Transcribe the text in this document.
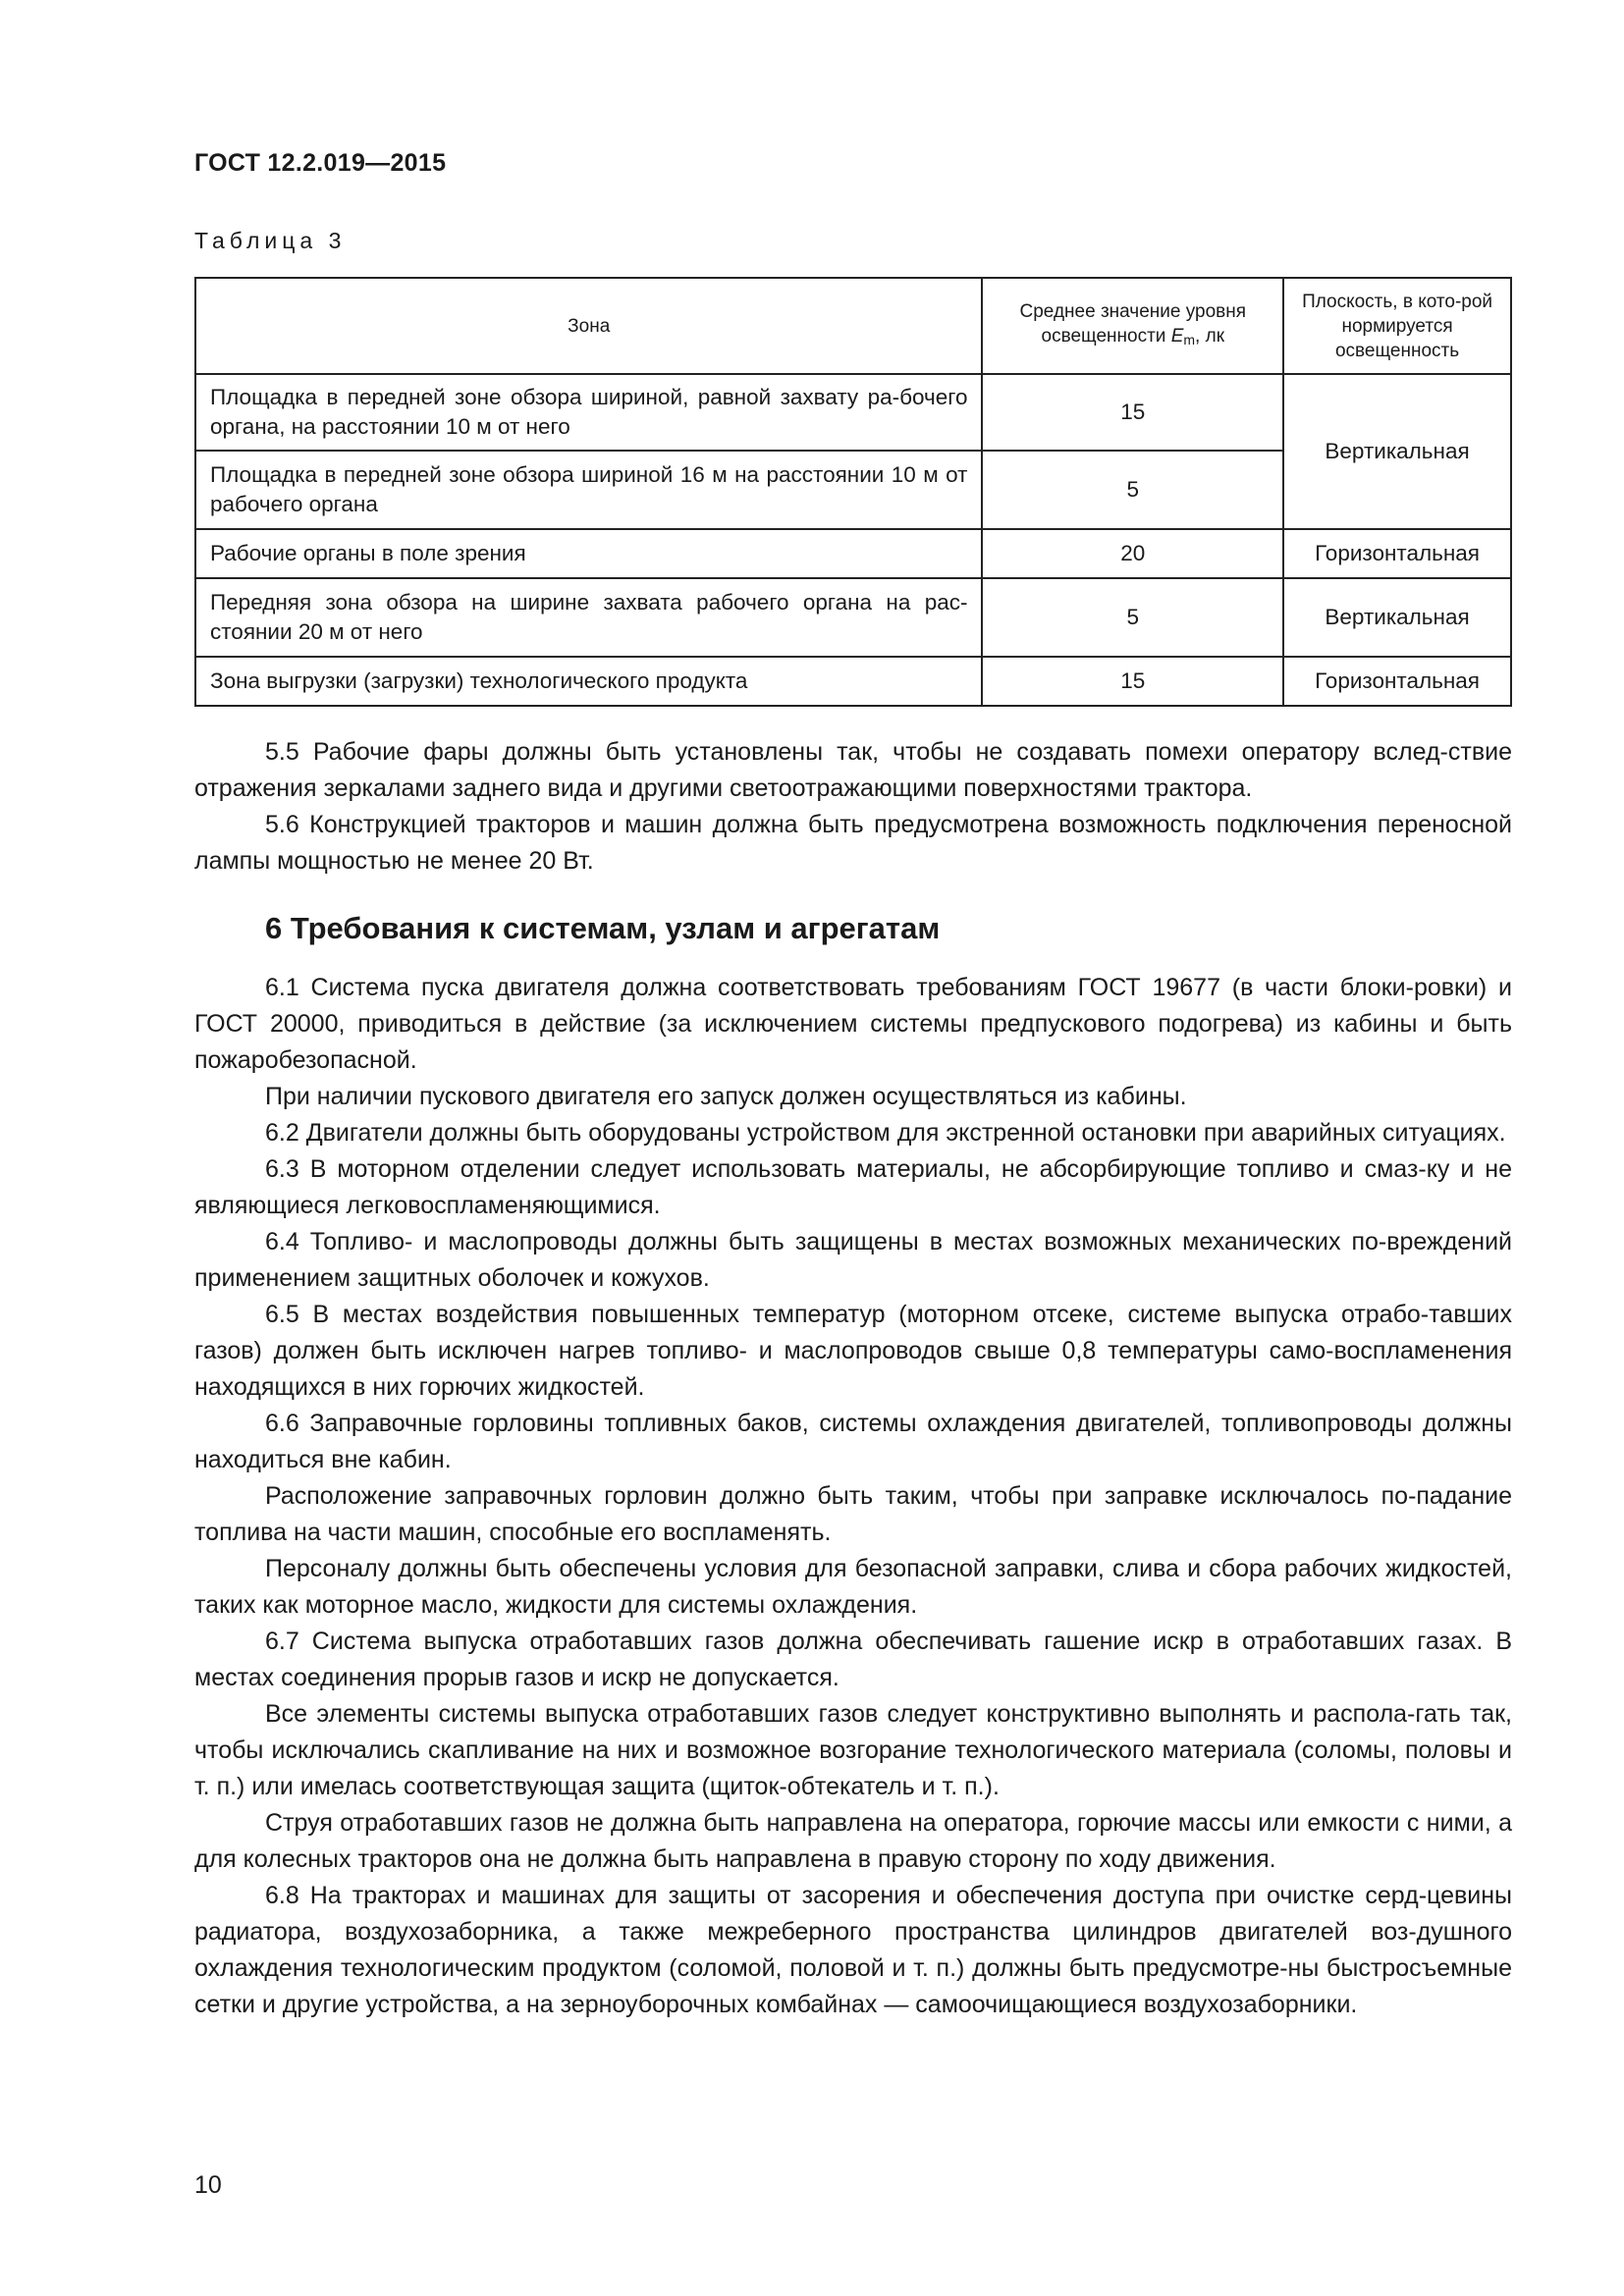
ГОСТ 12.2.019—2015
Таблица 3
Зона	Среднее значение уровня освещенности $E_m$, лк	Плоскость, в кото-рой нормируется освещенность
Площадка в передней зоне обзора шириной, равной захвату ра-бочего органа, на расстоянии 10 м от него	15	Вертикальная
Площадка в передней зоне обзора шириной 16 м на расстоянии 10 м от рабочего органа	5	
Рабочие органы в поле зрения	20	Горизонтальная
Передняя зона обзора на ширине захвата рабочего органа на рас-стоянии 20 м от него	5	Вертикальная
Зона выгрузки (загрузки) технологического продукта	15	Горизонтальная

5.5 Рабочие фары должны быть установлены так, чтобы не создавать помехи оператору вслед-ствие отражения зеркалами заднего вида и другими светоотражающими поверхностями трактора.

5.6 Конструкцией тракторов и машин должна быть предусмотрена возможность подключения переносной лампы мощностью не менее 20 Вт.

6 Требования к системам, узлам и агрегатам

6.1 Система пуска двигателя должна соответствовать требованиям ГОСТ 19677 (в части блоки-ровки) и ГОСТ 20000, приводиться в действие (за исключением системы предпускового подогрева) из кабины и быть пожаробезопасной.

При наличии пускового двигателя его запуск должен осуществляться из кабины.

6.2 Двигатели должны быть оборудованы устройством для экстренной остановки при аварийных ситуациях.

6.3 В моторном отделении следует использовать материалы, не абсорбирующие топливо и смаз-ку и не являющиеся легковоспламеняющимися.

6.4 Топливо- и маслопроводы должны быть защищены в местах возможных механических по-вреждений применением защитных оболочек и кожухов.

6.5 В местах воздействия повышенных температур (моторном отсеке, системе выпуска отрабо-тавших газов) должен быть исключен нагрев топливо- и маслопроводов свыше 0,8 температуры само-воспламенения находящихся в них горючих жидкостей.

6.6 Заправочные горловины топливных баков, системы охлаждения двигателей, топливопроводы должны находиться вне кабин.

Расположение заправочных горловин должно быть таким, чтобы при заправке исключалось по-падание топлива на части машин, способные его воспламенять.

Персоналу должны быть обеспечены условия для безопасной заправки, слива и сбора рабочих жидкостей, таких как моторное масло, жидкости для системы охлаждения.

6.7 Система выпуска отработавших газов должна обеспечивать гашение искр в отработавших газах. В местах соединения прорыв газов и искр не допускается.

Все элементы системы выпуска отработавших газов следует конструктивно выполнять и распола-гать так, чтобы исключались скапливание на них и возможное возгорание технологического материала (соломы, половы и т. п.) или имелась соответствующая защита (щиток-обтекатель и т. п.).

Струя отработавших газов не должна быть направлена на оператора, горючие массы или емкости с ними, а для колесных тракторов она не должна быть направлена в правую сторону по ходу движения.

6.8 На тракторах и машинах для защиты от засорения и обеспечения доступа при очистке серд-цевины радиатора, воздухозаборника, а также межреберного пространства цилиндров двигателей воз-душного охлаждения технологическим продуктом (соломой, половой и т. п.) должны быть предусмотре-ны быстросъемные сетки и другие устройства, а на зерноуборочных комбайнах — самоочищающиеся воздухозаборники.

10
